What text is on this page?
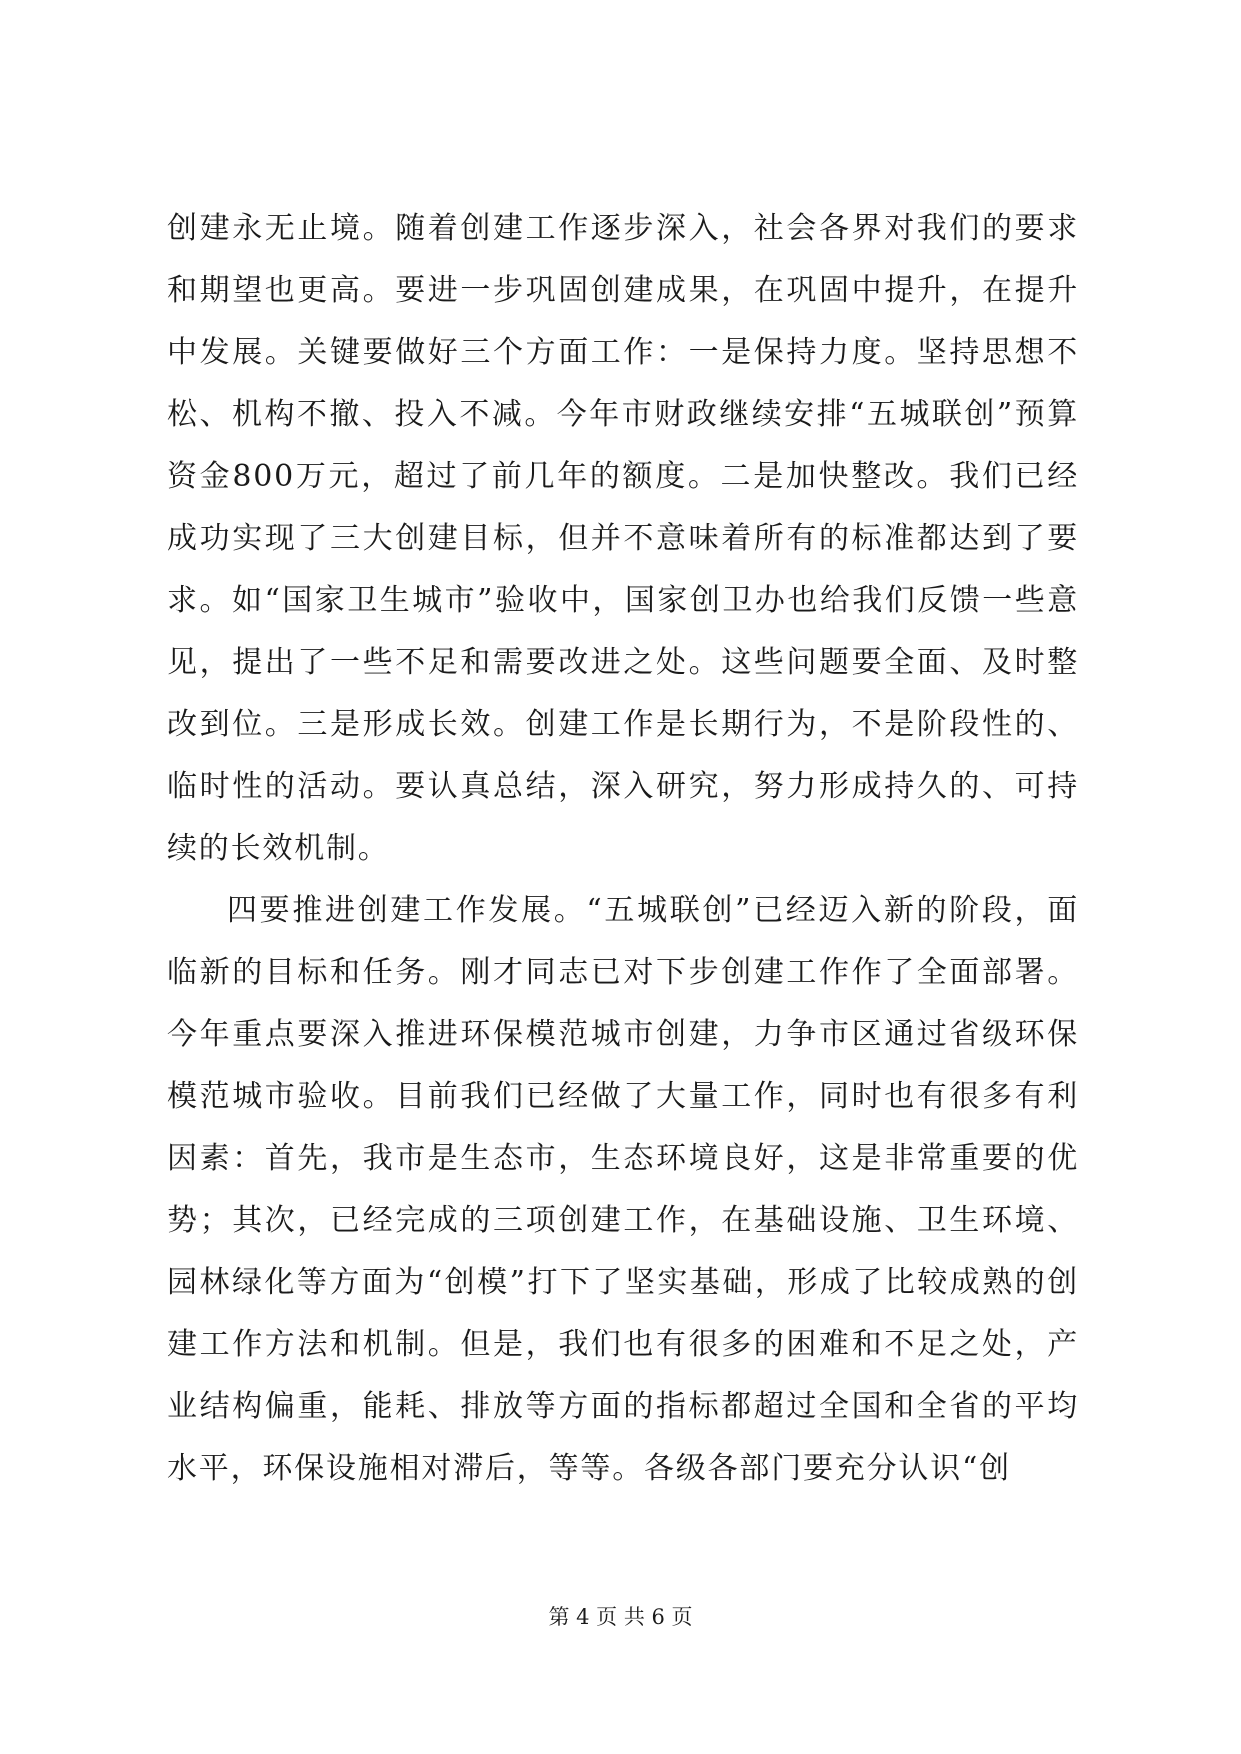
创建永无止境。随着创建工作逐步深入，社会各界对我们的要求和期望也更高。要进一步巩固创建成果，在巩固中提升，在提升中发展。关键要做好三个方面工作：一是保持力度。坚持思想不松、机构不撤、投入不减。今年市财政继续安排“五城联创”预算资金800万元，超过了前几年的额度。二是加快整改。我们已经成功实现了三大创建目标，但并不意味着所有的标准都达到了要求。如“国家卫生城市”验收中，国家创卫办也给我们反馈一些意见，提出了一些不足和需要改进之处。这些问题要全面、及时整改到位。三是形成长效。创建工作是长期行为，不是阶段性的、临时性的活动。要认真总结，深入研究，努力形成持久的、可持续的长效机制。

四要推进创建工作发展。“五城联创”已经迈入新的阶段，面临新的目标和任务。刚才同志已对下步创建工作作了全面部署。今年重点要深入推进环保模范城市创建，力争市区通过省级环保模范城市验收。目前我们已经做了大量工作，同时也有很多有利因素：首先，我市是生态市，生态环境良好，这是非常重要的优势；其次，已经完成的三项创建工作，在基础设施、卫生环境、园林绿化等方面为“创模”打下了坚实基础，形成了比较成熟的创建工作方法和机制。但是，我们也有很多的困难和不足之处，产业结构偏重，能耗、排放等方面的指标都超过全国和全省的平均水平，环保设施相对滞后，等等。各级各部门要充分认识“创

第 4 页 共 6 页
